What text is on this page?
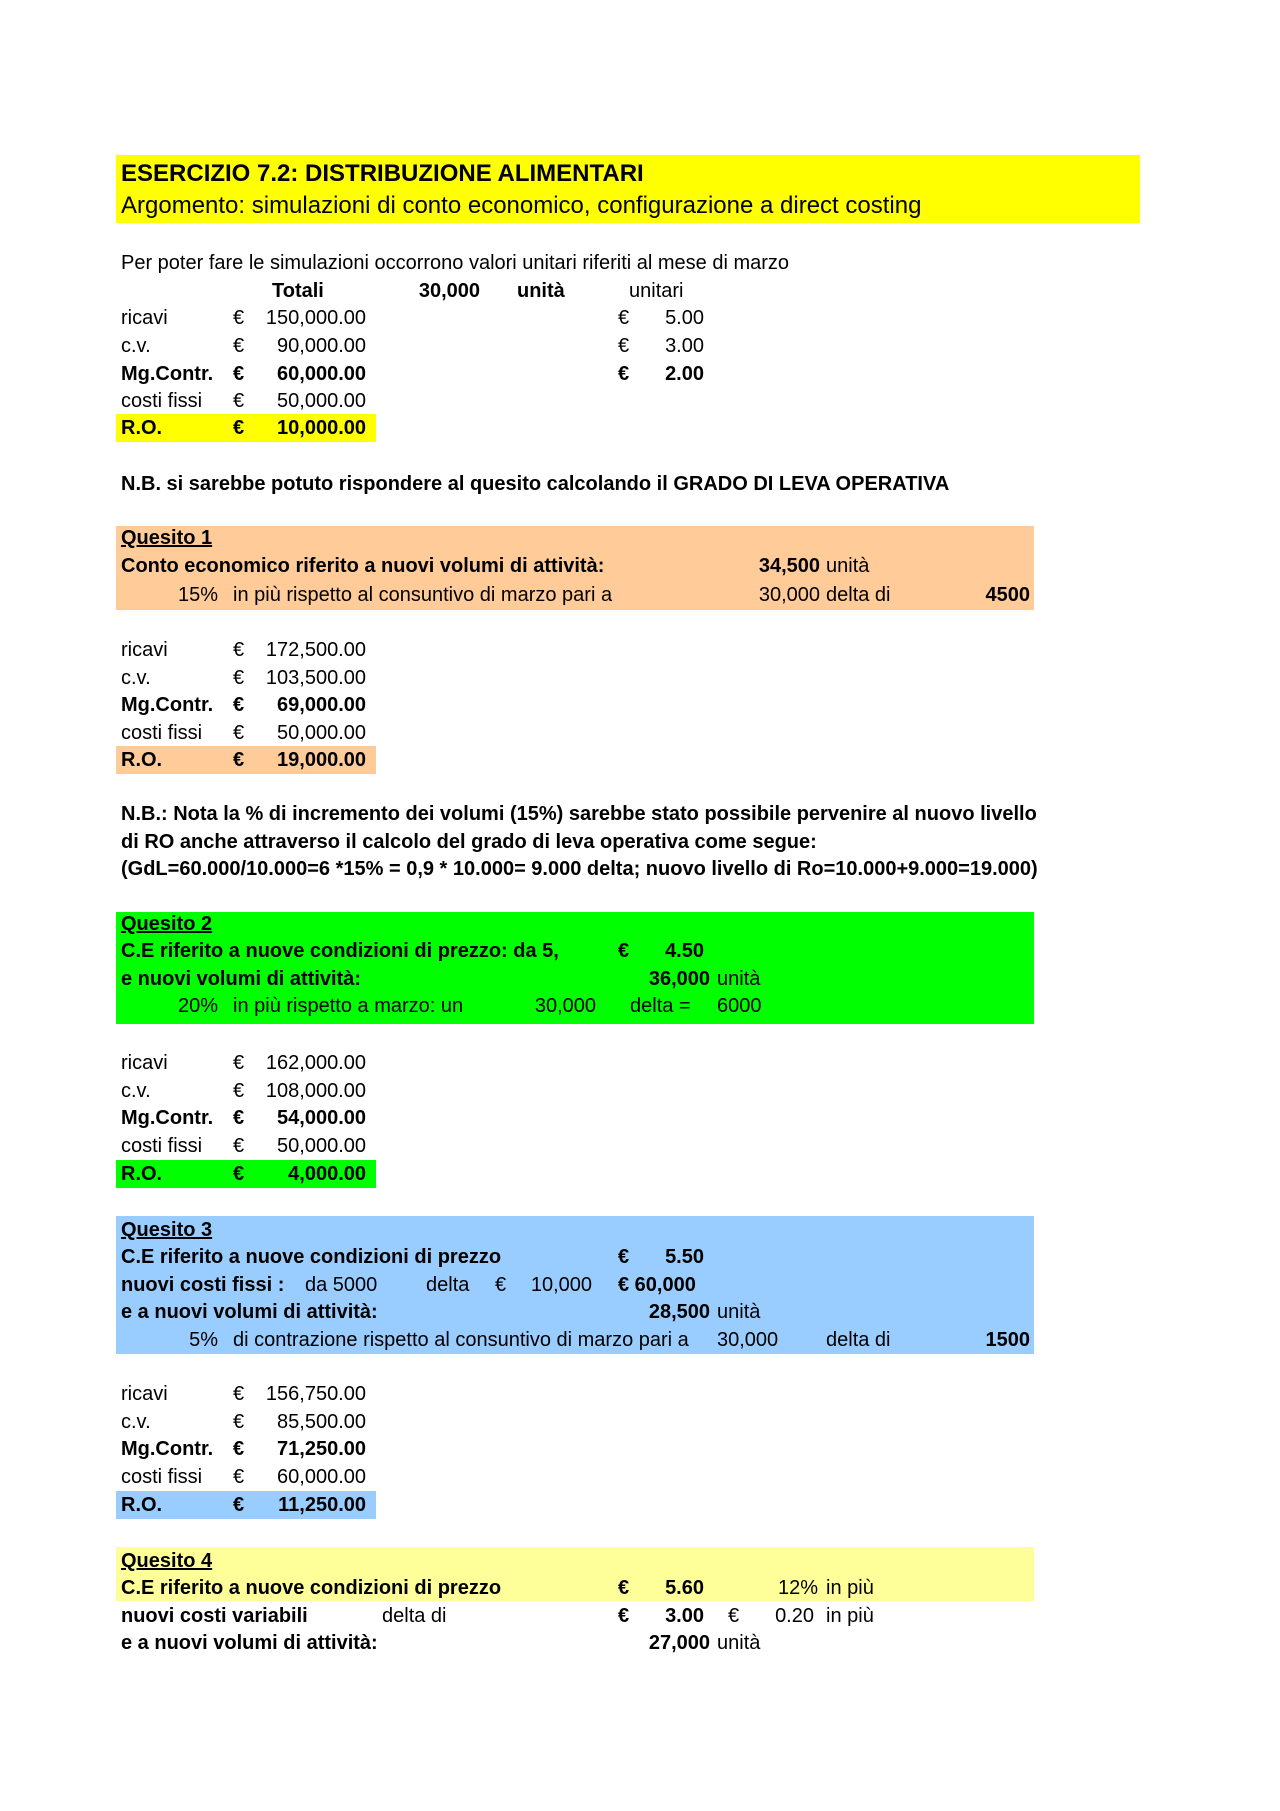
ESERCIZIO 7.2: DISTRIBUZIONE ALIMENTARI
Argomento: simulazioni di conto economico, configurazione a direct costing
Per poter fare le simulazioni occorrono valori unitari riferiti al mese di marzo
Totali	30,000 unità	unitari
ricavi	€	150,000.00	€	5.00
c.v.	€	90,000.00	€	3.00
Mg.Contr. €	60,000.00	€	2.00
costi fissi €	50,000.00
R.O.	€	10,000.00
N.B. si sarebbe potuto rispondere al quesito calcolando il GRADO DI LEVA OPERATIVA
Quesito 1
Conto economico riferito a nuovi volumi di attività:	34,500 unità
15% in più rispetto al consuntivo di marzo pari a	30,000 delta di	4500
ricavi	€	172,500.00
c.v.	€	103,500.00
Mg.Contr. €	69,000.00
costi fissi €	50,000.00
R.O.	€	19,000.00
N.B.: Nota la % di incremento dei volumi (15%) sarebbe stato possibile pervenire al nuovo livello
di RO anche attraverso il calcolo del grado di leva operativa come segue:
(GdL=60.000/10.000=6 *15% = 0,9 * 10.000= 9.000 delta; nuovo livello di Ro=10.000+9.000=19.000)
Quesito 2
C.E riferito a nuove condizioni di prezzo: da 5,	€	4.50
e nuovi volumi di attività:	36,000 unità
20% in più rispetto a marzo: un	30,000 delta = 6000
ricavi	€	162,000.00
c.v.	€	108,000.00
Mg.Contr. €	54,000.00
costi fissi €	50,000.00
R.O.	€	4,000.00
Quesito 3
C.E riferito a nuove condizioni di prezzo	€	5.50
nuovi costi fissi : da 5000 delta €	10,000 € 60,000
e a nuovi volumi di attività:	28,500 unità
5% di contrazione rispetto al consuntivo di marzo pari a	30,000 delta di	1500
ricavi	€	156,750.00
c.v.	€	85,500.00
Mg.Contr. €	71,250.00
costi fissi €	60,000.00
R.O.	€	11,250.00
Quesito 4
C.E riferito a nuove condizioni di prezzo	€	5.60	12% in più
nuovi costi variabili	delta di	€	3.00 €	0.20 in più
e a nuovi volumi di attività:	27,000 unità
